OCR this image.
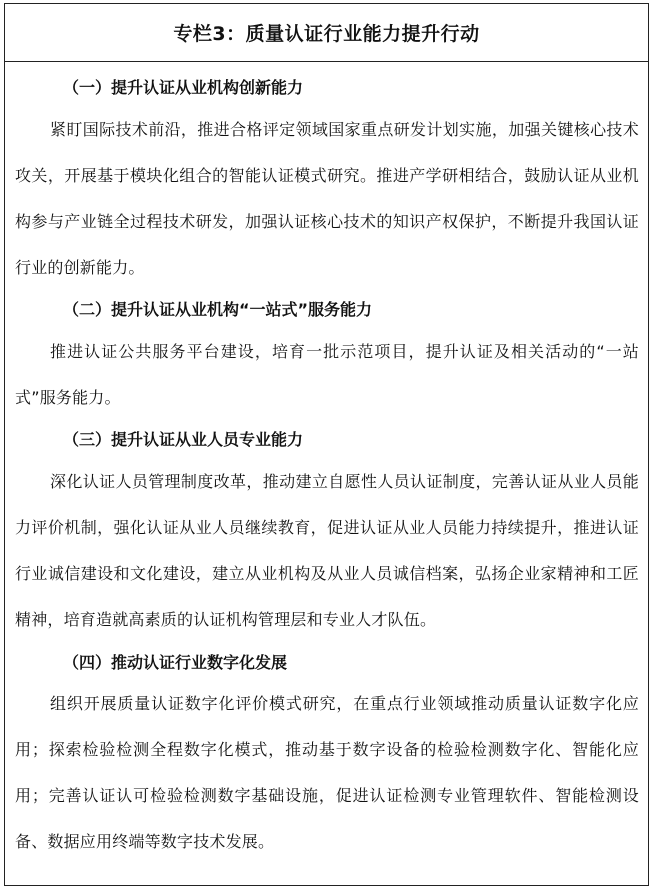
专栏3：质量认证行业能力提升行动

（一）提升认证从业机构创新能力

紧盯国际技术前沿，推进合格评定领域国家重点研发计划实施，加强关键核心技术攻关，开展基于模块化组合的智能认证模式研究。推进产学研相结合，鼓励认证从业机构参与产业链全过程技术研发，加强认证核心技术的知识产权保护，不断提升我国认证行业的创新能力。

（二）提升认证从业机构“一站式”服务能力

推进认证公共服务平台建设，培育一批示范项目，提升认证及相关活动的“一站式”服务能力。

（三）提升认证从业人员专业能力

深化认证人员管理制度改革，推动建立自愿性人员认证制度，完善认证从业人员能力评价机制，强化认证从业人员继续教育，促进认证从业人员能力持续提升，推进认证行业诚信建设和文化建设，建立从业机构及从业人员诚信档案，弘扬企业家精神和工匠精神，培育造就高素质的认证机构管理层和专业人才队伍。

（四）推动认证行业数字化发展

组织开展质量认证数字化评价模式研究，在重点行业领域推动质量认证数字化应用；探索检验检测全程数字化模式，推动基于数字设备的检验检测数字化、智能化应用；完善认证认可检验检测数字基础设施，促进认证检测专业管理软件、智能检测设备、数据应用终端等数字技术发展。
